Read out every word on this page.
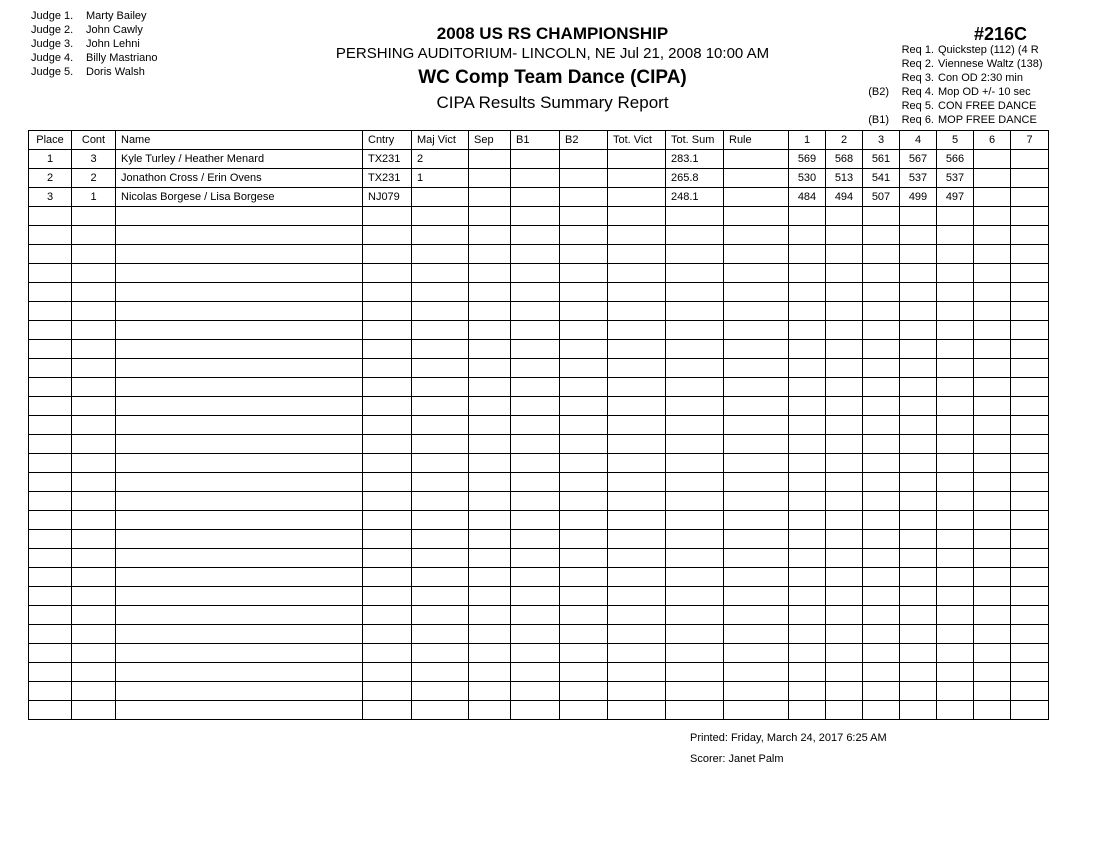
Judge 1. Marty Bailey
Judge 2. John Cawly
Judge 3. John Lehni
Judge 4. Billy Mastriano
Judge 5. Doris Walsh
2008 US RS CHAMPIONSHIP
PERSHING AUDITORIUM- LINCOLN, NE Jul 21, 2008 10:00 AM
WC Comp Team Dance (CIPA)
CIPA Results Summary Report
#216C
Req 1. Quickstep (112) (4 R
Req 2. Viennese Waltz (138)
Req 3. Con OD 2:30 min
(B2) Req 4. Mop OD +/- 10 sec
Req 5. CON FREE DANCE
(B1) Req 6. MOP FREE DANCE
Place	Cont	Name	Cntry	Maj Vict	Sep	B1	B2	Tot. Vict	Tot. Sum	Rule	1	2	3	4	5	6	7
1	3	Kyle Turley / Heather Menard	TX231	2					283.1		569	568	561	567	566		
2	2	Jonathon Cross / Erin Ovens	TX231	1					265.8		530	513	541	537	537		
3	1	Nicolas Borgese / Lisa Borgese	NJ079						248.1		484	494	507	499	497		

Printed: Friday, March 24, 2017 6:25 AM
Scorer: Janet Palm
